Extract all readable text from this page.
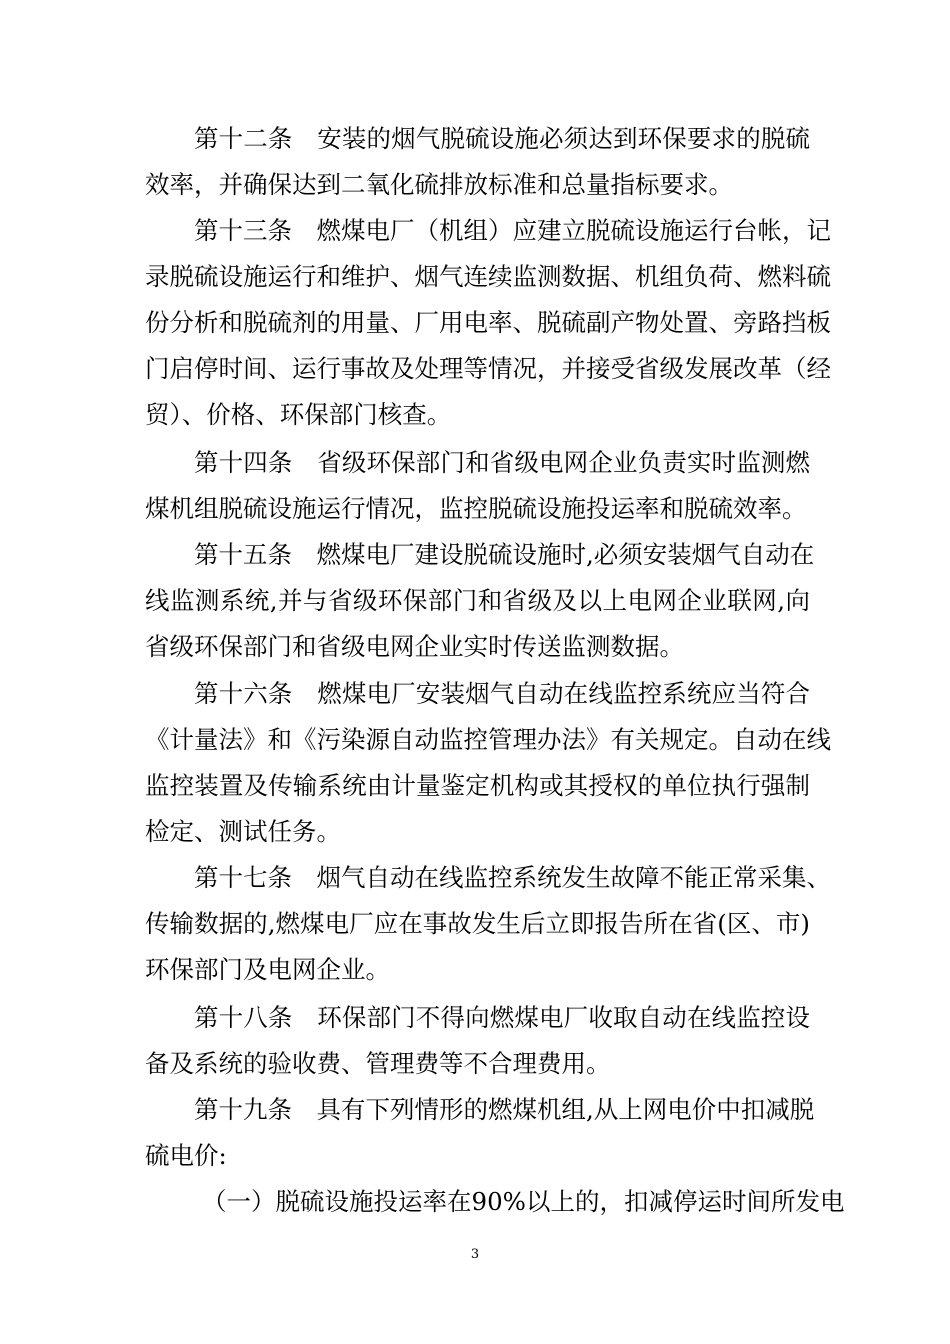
第十二条　安装的烟气脱硫设施必须达到环保要求的脱硫
效率，并确保达到二氧化硫排放标准和总量指标要求。
第十三条　燃煤电厂（机组）应建立脱硫设施运行台帐，记
录脱硫设施运行和维护、烟气连续监测数据、机组负荷、燃料硫
份分析和脱硫剂的用量、厂用电率、脱硫副产物处置、旁路挡板
门启停时间、运行事故及处理等情况，并接受省级发展改革（经
贸）、价格、环保部门核查。
第十四条　省级环保部门和省级电网企业负责实时监测燃
煤机组脱硫设施运行情况，监控脱硫设施投运率和脱硫效率。
第十五条　燃煤电厂建设脱硫设施时,必须安装烟气自动在
线监测系统,并与省级环保部门和省级及以上电网企业联网,向
省级环保部门和省级电网企业实时传送监测数据。
第十六条　燃煤电厂安装烟气自动在线监控系统应当符合
《计量法》和《污染源自动监控管理办法》有关规定。自动在线
监控装置及传输系统由计量鉴定机构或其授权的单位执行强制
检定、测试任务。
第十七条　烟气自动在线监控系统发生故障不能正常采集、
传输数据的,燃煤电厂应在事故发生后立即报告所在省(区、市)
环保部门及电网企业。
第十八条　环保部门不得向燃煤电厂收取自动在线监控设
备及系统的验收费、管理费等不合理费用。
第十九条　具有下列情形的燃煤机组,从上网电价中扣减脱
硫电价:
（一）脱硫设施投运率在90%以上的，扣减停运时间所发电
3
